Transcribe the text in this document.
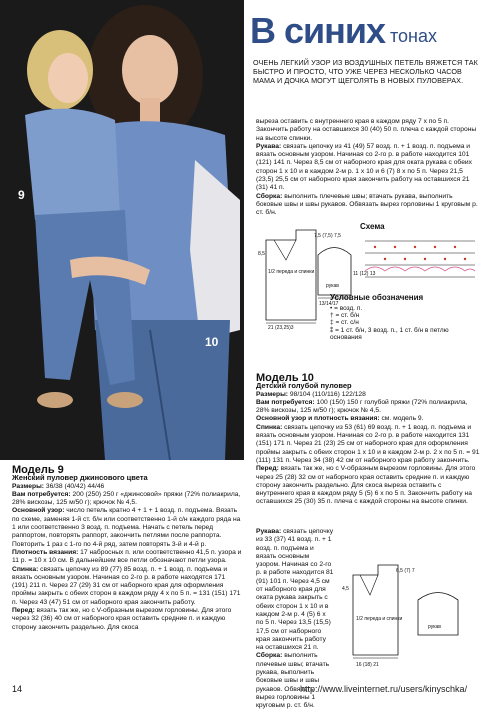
9
10
В синих тонах
ОЧЕНЬ ЛЕГКИЙ УЗОР ИЗ ВОЗДУШНЫХ ПЕТЕЛЬ ВЯЖЕТСЯ ТАК БЫСТРО И ПРОСТО, ЧТО УЖЕ ЧЕРЕЗ НЕСКОЛЬКО ЧАСОВ МАМА И ДОЧКА МОГУТ ЩЕГОЛЯТЬ В НОВЫХ ПУЛОВЕРАХ.

выреза оставить с внутреннего края в каждом ряду 7 х по 5 п. Закончить работу на оставшихся 30 (40) 50 п. плеча с каждой стороны на высоте спинки.

Рукава: связать цепочку из 41 (49) 57 возд. п. + 1 возд. п. подъема и вязать основным узором. Начиная со 2-го р. в работе находится 101 (121) 141 п. Через 8,5 см от наборного края для оката рукава с обеих сторон 1 х 10 и в каждом 2-м р. 1 х 10 и 6 (7) 8 х по 5 п. Через 21,5 (23,5) 25,5 см от наборного края закончить работу на оставшихся 21 (31) 41 п.

Сборка: выполнить плечевые швы; втачать рукава, выполнить боковые швы и швы рукавов. Обвязать вырез горловины 1 круговым р. ст. б/н.

1/2 переда и спинки
рукав
21 (23,25)3
13/14/17
7,5 (7,5) 7,5
8,5
11 (12) 13
Схема
Условные обозначения
• = возд. п.
† = ст. б/н
‡ = ст. с/н
⁑ = 1 ст. б/н, 3 возд. п., 1 ст. б/н в петлю основания

Модель 10

Детский голубой пуловер

Размеры: 98/104 (110/116) 122/128

Вам потребуется: 100 (150) 150 г голубой пряжи (72% полиакрила, 28% вискозы, 125 м/50 г); крючок № 4,5.

Основной узор и плотность вязания: см. модель 9.

Спинка: связать цепочку из 53 (61) 69 возд. п. + 1 возд. п. подъема и вязать основным узором. Начиная со 2-го р. в работе находится 131 (151) 171 п. Через 21 (23) 25 см от наборного края для оформления проймы закрыть с обеих сторон 1 х 10 и в каждом 2-м р. 2 х по 5 п. = 91 (111) 131 п. Через 34 (38) 42 см от наборного края работу закончить.

Перед: вязать так же, но с V-образным вырезом горловины. Для этого через 25 (28) 32 см от наборного края оставить средние п. и каждую сторону закончить раздельно. Для скоса выреза оставить с внутреннего края в каждом ряду 5 (5) 6 х по 5 п. Закончить работу на оставшихся 25 (30) 35 п. плеча с каждой стороны на высоте спинки.

Рукава: связать цепочку из 33 (37) 41 возд. п. + 1 возд. п. подъема и вязать основным узором. Начиная со 2-го р. в работе находится 81 (91) 101 п. Через 4,5 см от наборного края для оката рукава закрыть с обеих сторон 1 х 10 и в каждом 2-м р. 4 (5) 6 х по 5 п. Через 13,5 (15,5) 17,5 см от наборного края закончить работу на оставшихся 21 п.

Сборка: выполнить плечевые швы; втачать рукава, выполнить боковые швы и швы рукавов. Обвязать вырез горловины 1 круговым р. ст. б/н.

1/2 переда и спинки
рукав
16 (18) 21
6,5 (7) 7
4,5

Модель 9

Женский пуловер джинсового цвета

Размеры: 36/38 (40/42) 44/46

Вам потребуется: 200 (250) 250 г «джинсовой» пряжи (72% полиакрила, 28% вискозы, 125 м/50 г); крючок № 4,5.

Основной узор: число петель кратно 4 + 1 + 1 возд. п. подъема. Вязать по схеме, заменяя 1-й ст. б/н или соответственно 1-й с/н каждого ряда на 1 или соответственно 3 возд. п. подъема. Начать с петель перед раппортом, повторять раппорт, закончить петлями после раппорта. Повторить 1 раз с 1-го по 4-й ряд, затем повторять 3-й и 4-й р.

Плотность вязания: 17 набросных п. или соответственно 41,5 п. узора и 11 р. = 10 х 10 см. В дальнейшем все петли обозначают петли узора.

Спинка: связать цепочку из 89 (77) 85 возд. п. + 1 возд. п. подъема и вязать основным узором. Начиная со 2-го р. в работе находятся 171 (191) 211 п. Через 27 (29) 31 см от наборного края для оформления проймы закрыть с обеих сторон в каждом ряду 4 х по 5 п. = 131 (151) 171 п. Через 43 (47) 51 см от наборного края закончить работу.

Перед: вязать так же, но с V-образным вырезом горловины. Для этого через 32 (36) 40 см от наборного края оставить средние п. и каждую сторону закончить раздельно. Для скоса

14	http://www.liveinternet.ru/users/kinyschka/
